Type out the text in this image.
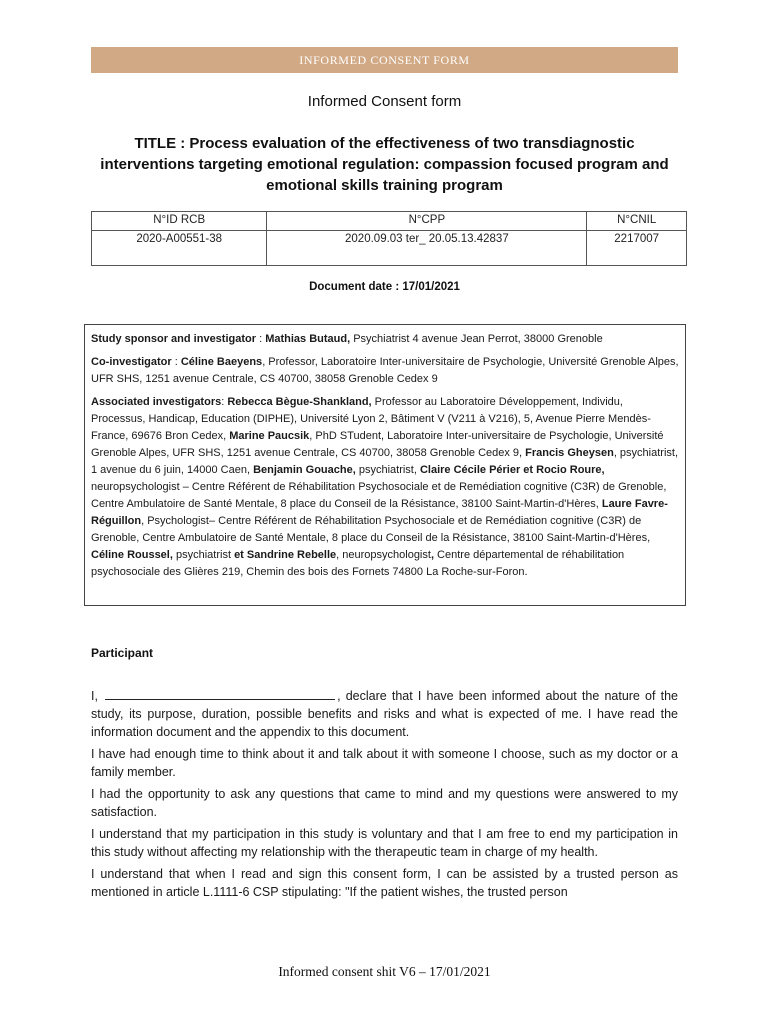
INFORMED CONSENT FORM
Informed Consent form
TITLE : Process evaluation of the effectiveness of two transdiagnostic interventions targeting emotional regulation: compassion focused program and emotional skills training program
N°ID RCB	N°CPP	N°CNIL
2020-A00551-38	2020.09.03 ter_ 20.05.13.42837	2217007
Document date : 17/01/2021

Study sponsor and investigator : Mathias Butaud, Psychiatrist 4 avenue Jean Perrot, 38000 Grenoble

Co-investigator : Céline Baeyens, Professor, Laboratoire Inter-universitaire de Psychologie, Université Grenoble Alpes, UFR SHS, 1251 avenue Centrale, CS 40700, 38058 Grenoble Cedex 9

Associated investigators: Rebecca Bègue-Shankland, Professor au Laboratoire Développement, Individu, Processus, Handicap, Education (DIPHE), Université Lyon 2, Bâtiment V (V211 à V216), 5, Avenue Pierre Mendès-France, 69676 Bron Cedex, Marine Paucsik, PhD STudent, Laboratoire Inter-universitaire de Psychologie, Université Grenoble Alpes, UFR SHS, 1251 avenue Centrale, CS 40700, 38058 Grenoble Cedex 9, Francis Gheysen, psychiatrist, 1 avenue du 6 juin, 14000 Caen, Benjamin Gouache, psychiatrist, Claire Cécile Périer et Rocio Roure, neuropsychologist – Centre Référent de Réhabilitation Psychosociale et de Remédiation cognitive (C3R) de Grenoble, Centre Ambulatoire de Santé Mentale, 8 place du Conseil de la Résistance, 38100 Saint-Martin-d'Hères, Laure Favre-Réguillon, Psychologist– Centre Référent de Réhabilitation Psychosociale et de Remédiation cognitive (C3R) de Grenoble, Centre Ambulatoire de Santé Mentale, 8 place du Conseil de la Résistance, 38100 Saint-Martin-d'Hères, Céline Roussel, psychiatrist et Sandrine Rebelle, neuropsychologist, Centre départemental de réhabilitation psychosociale des Glières 219, Chemin des bois des Fornets 74800 La Roche-sur-Foron.

Participant

I,	, declare that I have been informed about the nature of the study, its purpose, duration, possible benefits and risks and what is expected of me. I have read the information document and the appendix to this document.

I have had enough time to think about it and talk about it with someone I choose, such as my doctor or a family member.

I had the opportunity to ask any questions that came to mind and my questions were answered to my satisfaction.

I understand that my participation in this study is voluntary and that I am free to end my participation in this study without affecting my relationship with the therapeutic team in charge of my health.

I understand that when I read and sign this consent form, I can be assisted by a trusted person as mentioned in article L.1111-6 CSP stipulating: "If the patient wishes, the trusted person

Informed consent shit V6 – 17/01/2021
